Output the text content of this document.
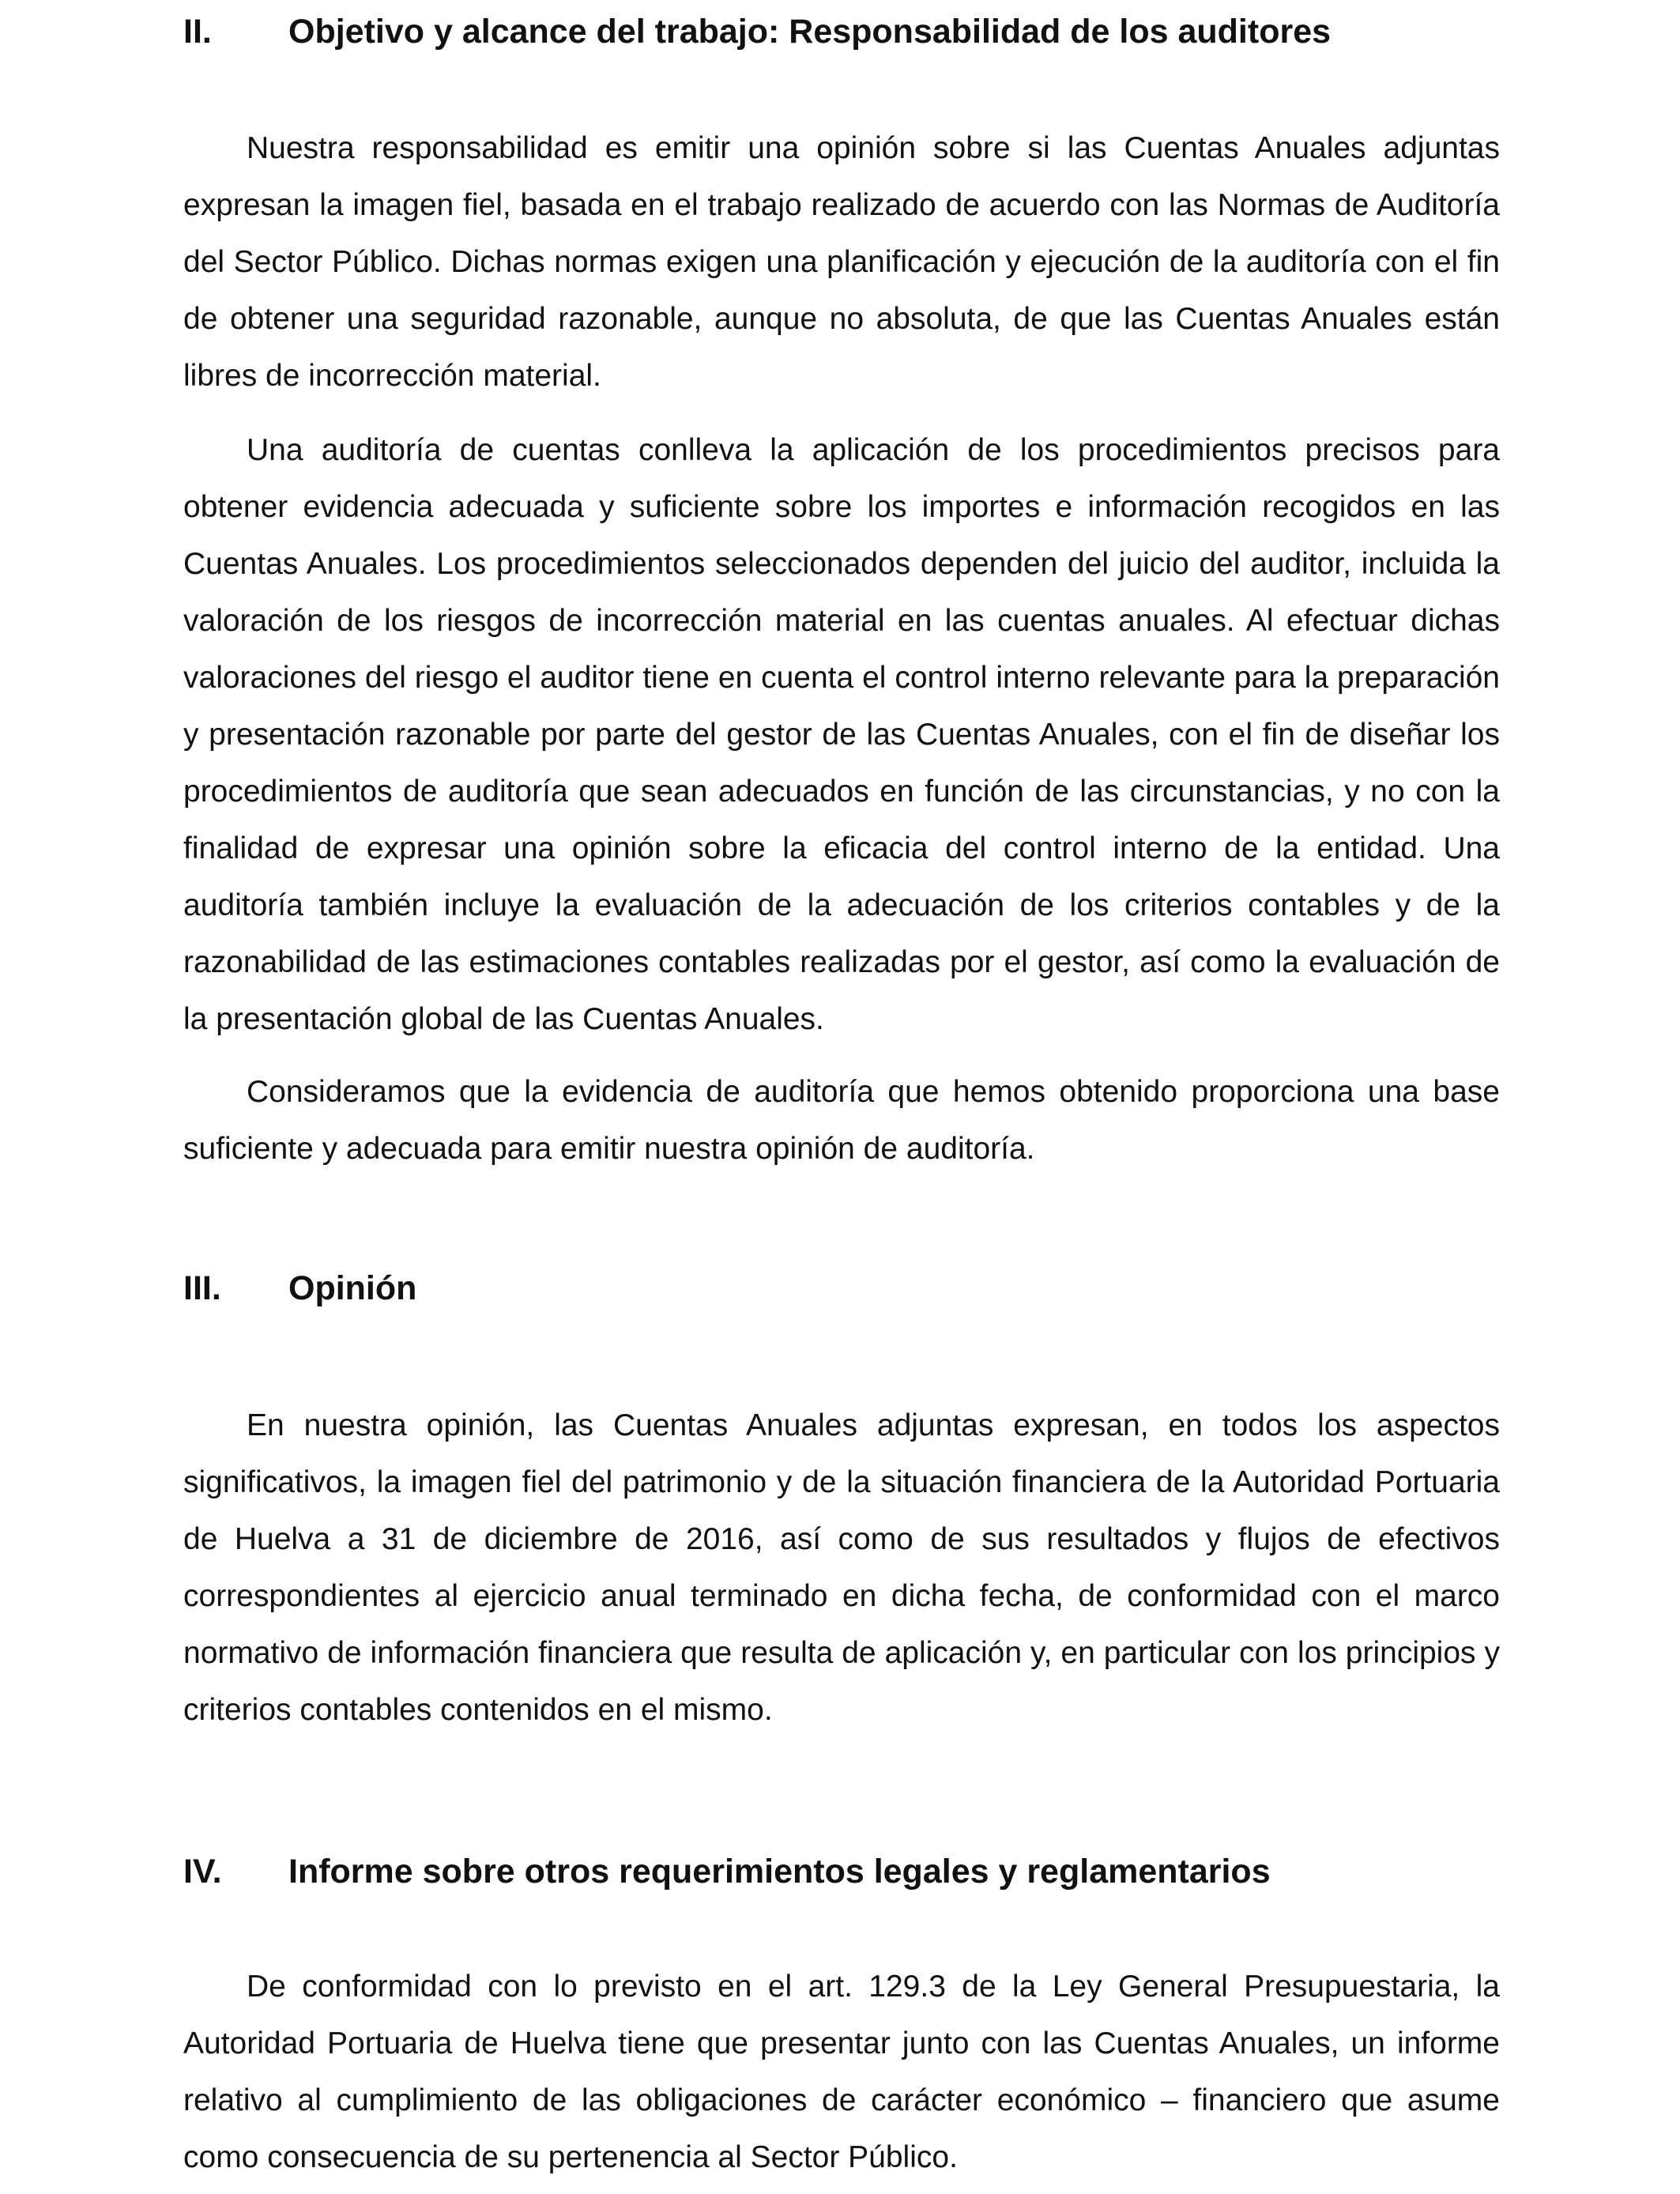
II. Objetivo y alcance del trabajo: Responsabilidad de los auditores

Nuestra responsabilidad es emitir una opinión sobre si las Cuentas Anuales adjuntas expresan la imagen fiel, basada en el trabajo realizado de acuerdo con las Normas de Auditoría del Sector Público. Dichas normas exigen una planificación y ejecución de la auditoría con el fin de obtener una seguridad razonable, aunque no absoluta, de que las Cuentas Anuales están libres de incorrección material.

Una auditoría de cuentas conlleva la aplicación de los procedimientos precisos para obtener evidencia adecuada y suficiente sobre los importes e información recogidos en las Cuentas Anuales. Los procedimientos seleccionados dependen del juicio del auditor, incluida la valoración de los riesgos de incorrección material en las cuentas anuales. Al efectuar dichas valoraciones del riesgo el auditor tiene en cuenta el control interno relevante para la preparación y presentación razonable por parte del gestor de las Cuentas Anuales, con el fin de diseñar los procedimientos de auditoría que sean adecuados en función de las circunstancias, y no con la finalidad de expresar una opinión sobre la eficacia del control interno de la entidad. Una auditoría también incluye la evaluación de la adecuación de los criterios contables y de la razonabilidad de las estimaciones contables realizadas por el gestor, así como la evaluación de la presentación global de las Cuentas Anuales.

Consideramos que la evidencia de auditoría que hemos obtenido proporciona una base suficiente y adecuada para emitir nuestra opinión de auditoría.

III. Opinión

En nuestra opinión, las Cuentas Anuales adjuntas expresan, en todos los aspectos significativos, la imagen fiel del patrimonio y de la situación financiera de la Autoridad Portuaria de Huelva a 31 de diciembre de 2016, así como de sus resultados y flujos de efectivos correspondientes al ejercicio anual terminado en dicha fecha, de conformidad con el marco normativo de información financiera que resulta de aplicación y, en particular con los principios y criterios contables contenidos en el mismo.

IV. Informe sobre otros requerimientos legales y reglamentarios

De conformidad con lo previsto en el art. 129.3 de la Ley General Presupuestaria, la Autoridad Portuaria de Huelva tiene que presentar junto con las Cuentas Anuales, un informe relativo al cumplimiento de las obligaciones de carácter económico – financiero que asume como consecuencia de su pertenencia al Sector Público.
